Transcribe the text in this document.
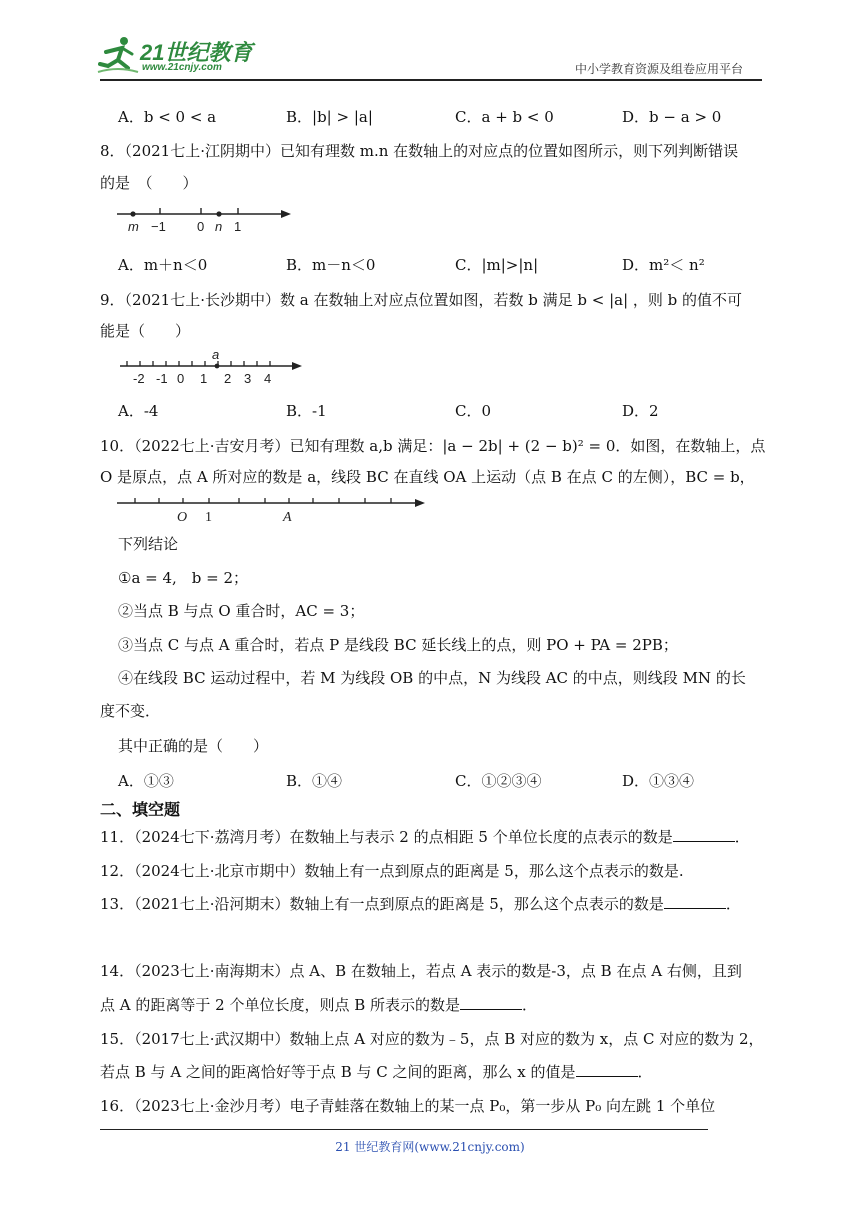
21世纪教育
www.21cnjy.com	中小学教育资源及组卷应用平台
A．b < 0 < a	B．|b| > |a|	C．a + b < 0	D．b − a > 0
8．（2021七上·江阴期中）已知有理数 m.n 在数轴上的对应点的位置如图所示，则下列判断错误
的是　（　　）
m −1 0 n 1
A．m＋n＜0	B．m－n＜0	C．|m|>|n|	D．m²＜ n²
9．（2021七上·长沙期中）数 a 在数轴上对应点位置如图，若数 b 满足 b < |a| ，则 b 的值不可
能是（　　）
a
-2 -1 0 1 2 3 4
A．-4	B．-1	C．0	D．2
10．（2022七上·吉安月考）已知有理数 a,b 满足：|a − 2b| + (2 − b)² = 0．如图，在数轴上，点
O 是原点，点 A 所对应的数是 a，线段 BC 在直线 OA 上运动（点 B 在点 C 的左侧），BC = b，
O 1	A
下列结论
①a = 4,　b = 2；
②当点 B 与点 O 重合时，AC = 3；
③当点 C 与点 A 重合时，若点 P 是线段 BC 延长线上的点，则 PO + PA = 2PB；
④在线段 BC 运动过程中，若 M 为线段 OB 的中点，N 为线段 AC 的中点，则线段 MN 的长
度不变．
其中正确的是（　　）
A．①③	B．①④	C．①②③④	D．①③④
二、填空题
11．（2024七下·荔湾月考）在数轴上与表示 2 的点相距 5 个单位长度的点表示的数是	．
12．（2024七上·北京市期中）数轴上有一点到原点的距离是 5，那么这个点表示的数是.
13．（2021七上·沿河期末）数轴上有一点到原点的距离是 5，那么这个点表示的数是	．
14．（2023七上·南海期末）点 A、B 在数轴上，若点 A 表示的数是-3，点 B 在点 A 右侧，且到
点 A 的距离等于 2 个单位长度，则点 B 所表示的数是	．
15．（2017七上·武汉期中）数轴上点 A 对应的数为﹣5，点 B 对应的数为 x，点 C 对应的数为 2，
若点 B 与 A 之间的距离恰好等于点 B 与 C 之间的距离，那么 x 的值是	．
16．（2023七上·金沙月考）电子青蛙落在数轴上的某一点 P₀，第一步从 P₀ 向左跳 1 个单位
21 世纪教育网(www.21cnjy.com)
